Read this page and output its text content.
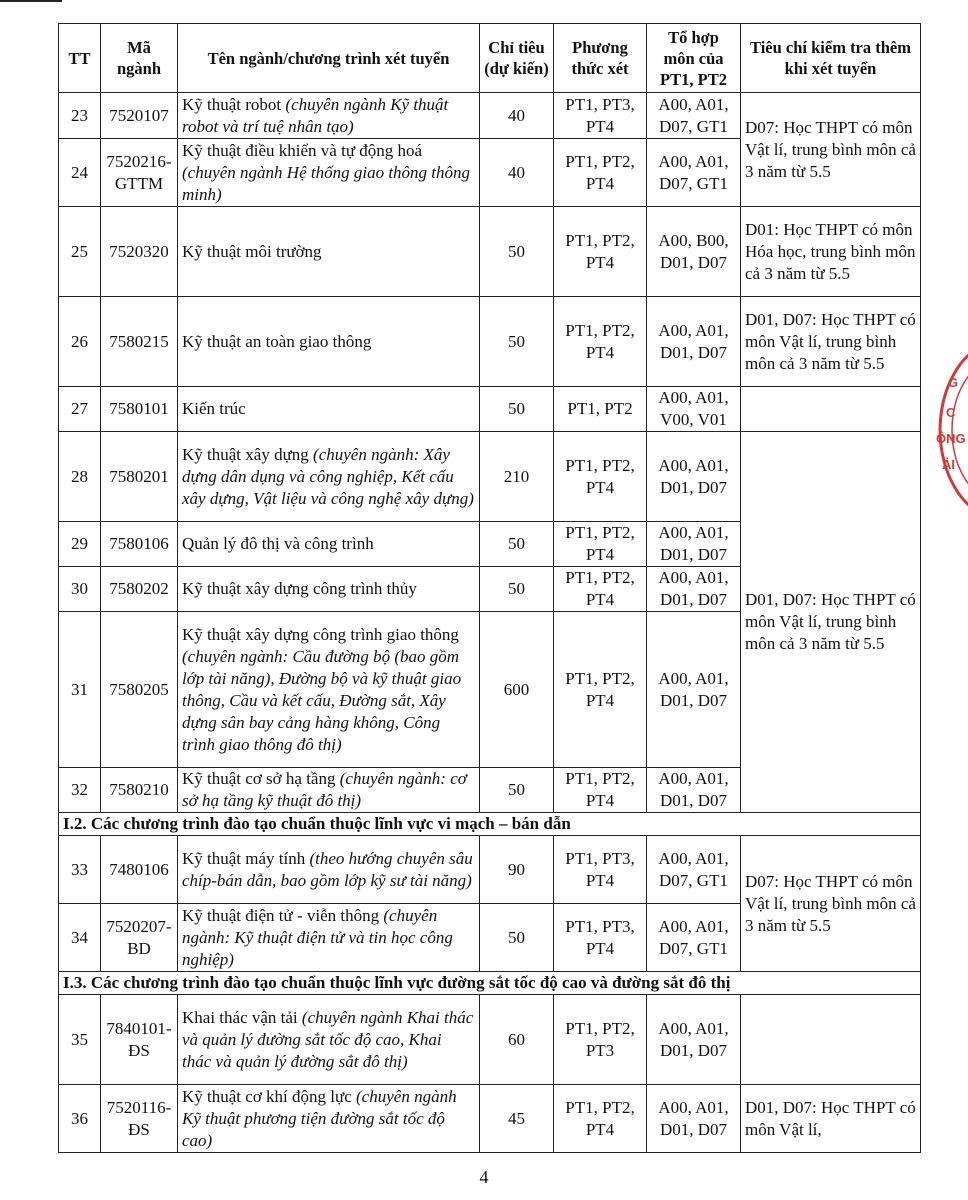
TT	Mã ngành	Tên ngành/chương trình xét tuyển	Chỉ tiêu (dự kiến)	Phương thức xét	Tổ hợp môn của PT1, PT2	Tiêu chí kiểm tra thêm khi xét tuyển
23	7520107	Kỹ thuật robot (chuyên ngành Kỹ thuật robot và trí tuệ nhân tạo)	40	PT1, PT3, PT4	A00, A01, D07, GT1	D07: Học THPT có môn Vật lí, trung bình môn cả 3 năm từ 5.5
24	7520216-GTTM	Kỹ thuật điều khiển và tự động hoá (chuyên ngành Hệ thống giao thông thông minh)	40	PT1, PT2, PT4	A00, A01, D07, GT1	
25	7520320	Kỹ thuật môi trường	50	PT1, PT2, PT4	A00, B00, D01, D07	D01: Học THPT có môn Hóa học, trung bình môn cả 3 năm từ 5.5
26	7580215	Kỹ thuật an toàn giao thông	50	PT1, PT2, PT4	A00, A01, D01, D07	D01, D07: Học THPT có môn Vật lí, trung bình môn cả 3 năm từ 5.5
27	7580101	Kiến trúc	50	PT1, PT2	A00, A01, V00, V01	
28	7580201	Kỹ thuật xây dựng (chuyên ngành: Xây dựng dân dụng và công nghiệp, Kết cấu xây dựng, Vật liệu và công nghệ xây dựng)	210	PT1, PT2, PT4	A00, A01, D01, D07	D01, D07: Học THPT có môn Vật lí, trung bình môn cả 3 năm từ 5.5
29	7580106	Quản lý đô thị và công trình	50	PT1, PT2, PT4	A00, A01, D01, D07	
30	7580202	Kỹ thuật xây dựng công trình thủy	50	PT1, PT2, PT4	A00, A01, D01, D07	
31	7580205	Kỹ thuật xây dựng công trình giao thông (chuyên ngành: Cầu đường bộ (bao gồm lớp tài năng), Đường bộ và kỹ thuật giao thông, Cầu và kết cấu, Đường sắt, Xây dựng sân bay cảng hàng không, Công trình giao thông đô thị)	600	PT1, PT2, PT4	A00, A01, D01, D07	
32	7580210	Kỹ thuật cơ sở hạ tầng (chuyên ngành: cơ sở hạ tầng kỹ thuật đô thị)	50	PT1, PT2, PT4	A00, A01, D01, D07	
I.2. Các chương trình đào tạo chuẩn thuộc lĩnh vực vi mạch – bán dẫn						
33	7480106	Kỹ thuật máy tính (theo hướng chuyên sâu chíp-bán dẫn, bao gồm lớp kỹ sư tài năng)	90	PT1, PT3, PT4	A00, A01, D07, GT1	D07: Học THPT có môn Vật lí, trung bình môn cả 3 năm từ 5.5
34	7520207-BD	Kỹ thuật điện tử - viễn thông (chuyên ngành: Kỹ thuật điện tử và tin học công nghiệp)	50	PT1, PT3, PT4	A00, A01, D07, GT1	
I.3. Các chương trình đào tạo chuẩn thuộc lĩnh vực đường sắt tốc độ cao và đường sắt đô thị						
35	7840101-ĐS	Khai thác vận tải (chuyên ngành Khai thác và quản lý đường sắt tốc độ cao, Khai thác và quản lý đường sắt đô thị)	60	PT1, PT2, PT3	A00, A01, D01, D07	
36	7520116-ĐS	Kỹ thuật cơ khí động lực (chuyên ngành Kỹ thuật phương tiện đường sắt tốc độ cao)	45	PT1, PT2, PT4	A00, A01, D01, D07	D01, D07: Học THPT có môn Vật lí,
G
C
ÔNG
ẢI
4
